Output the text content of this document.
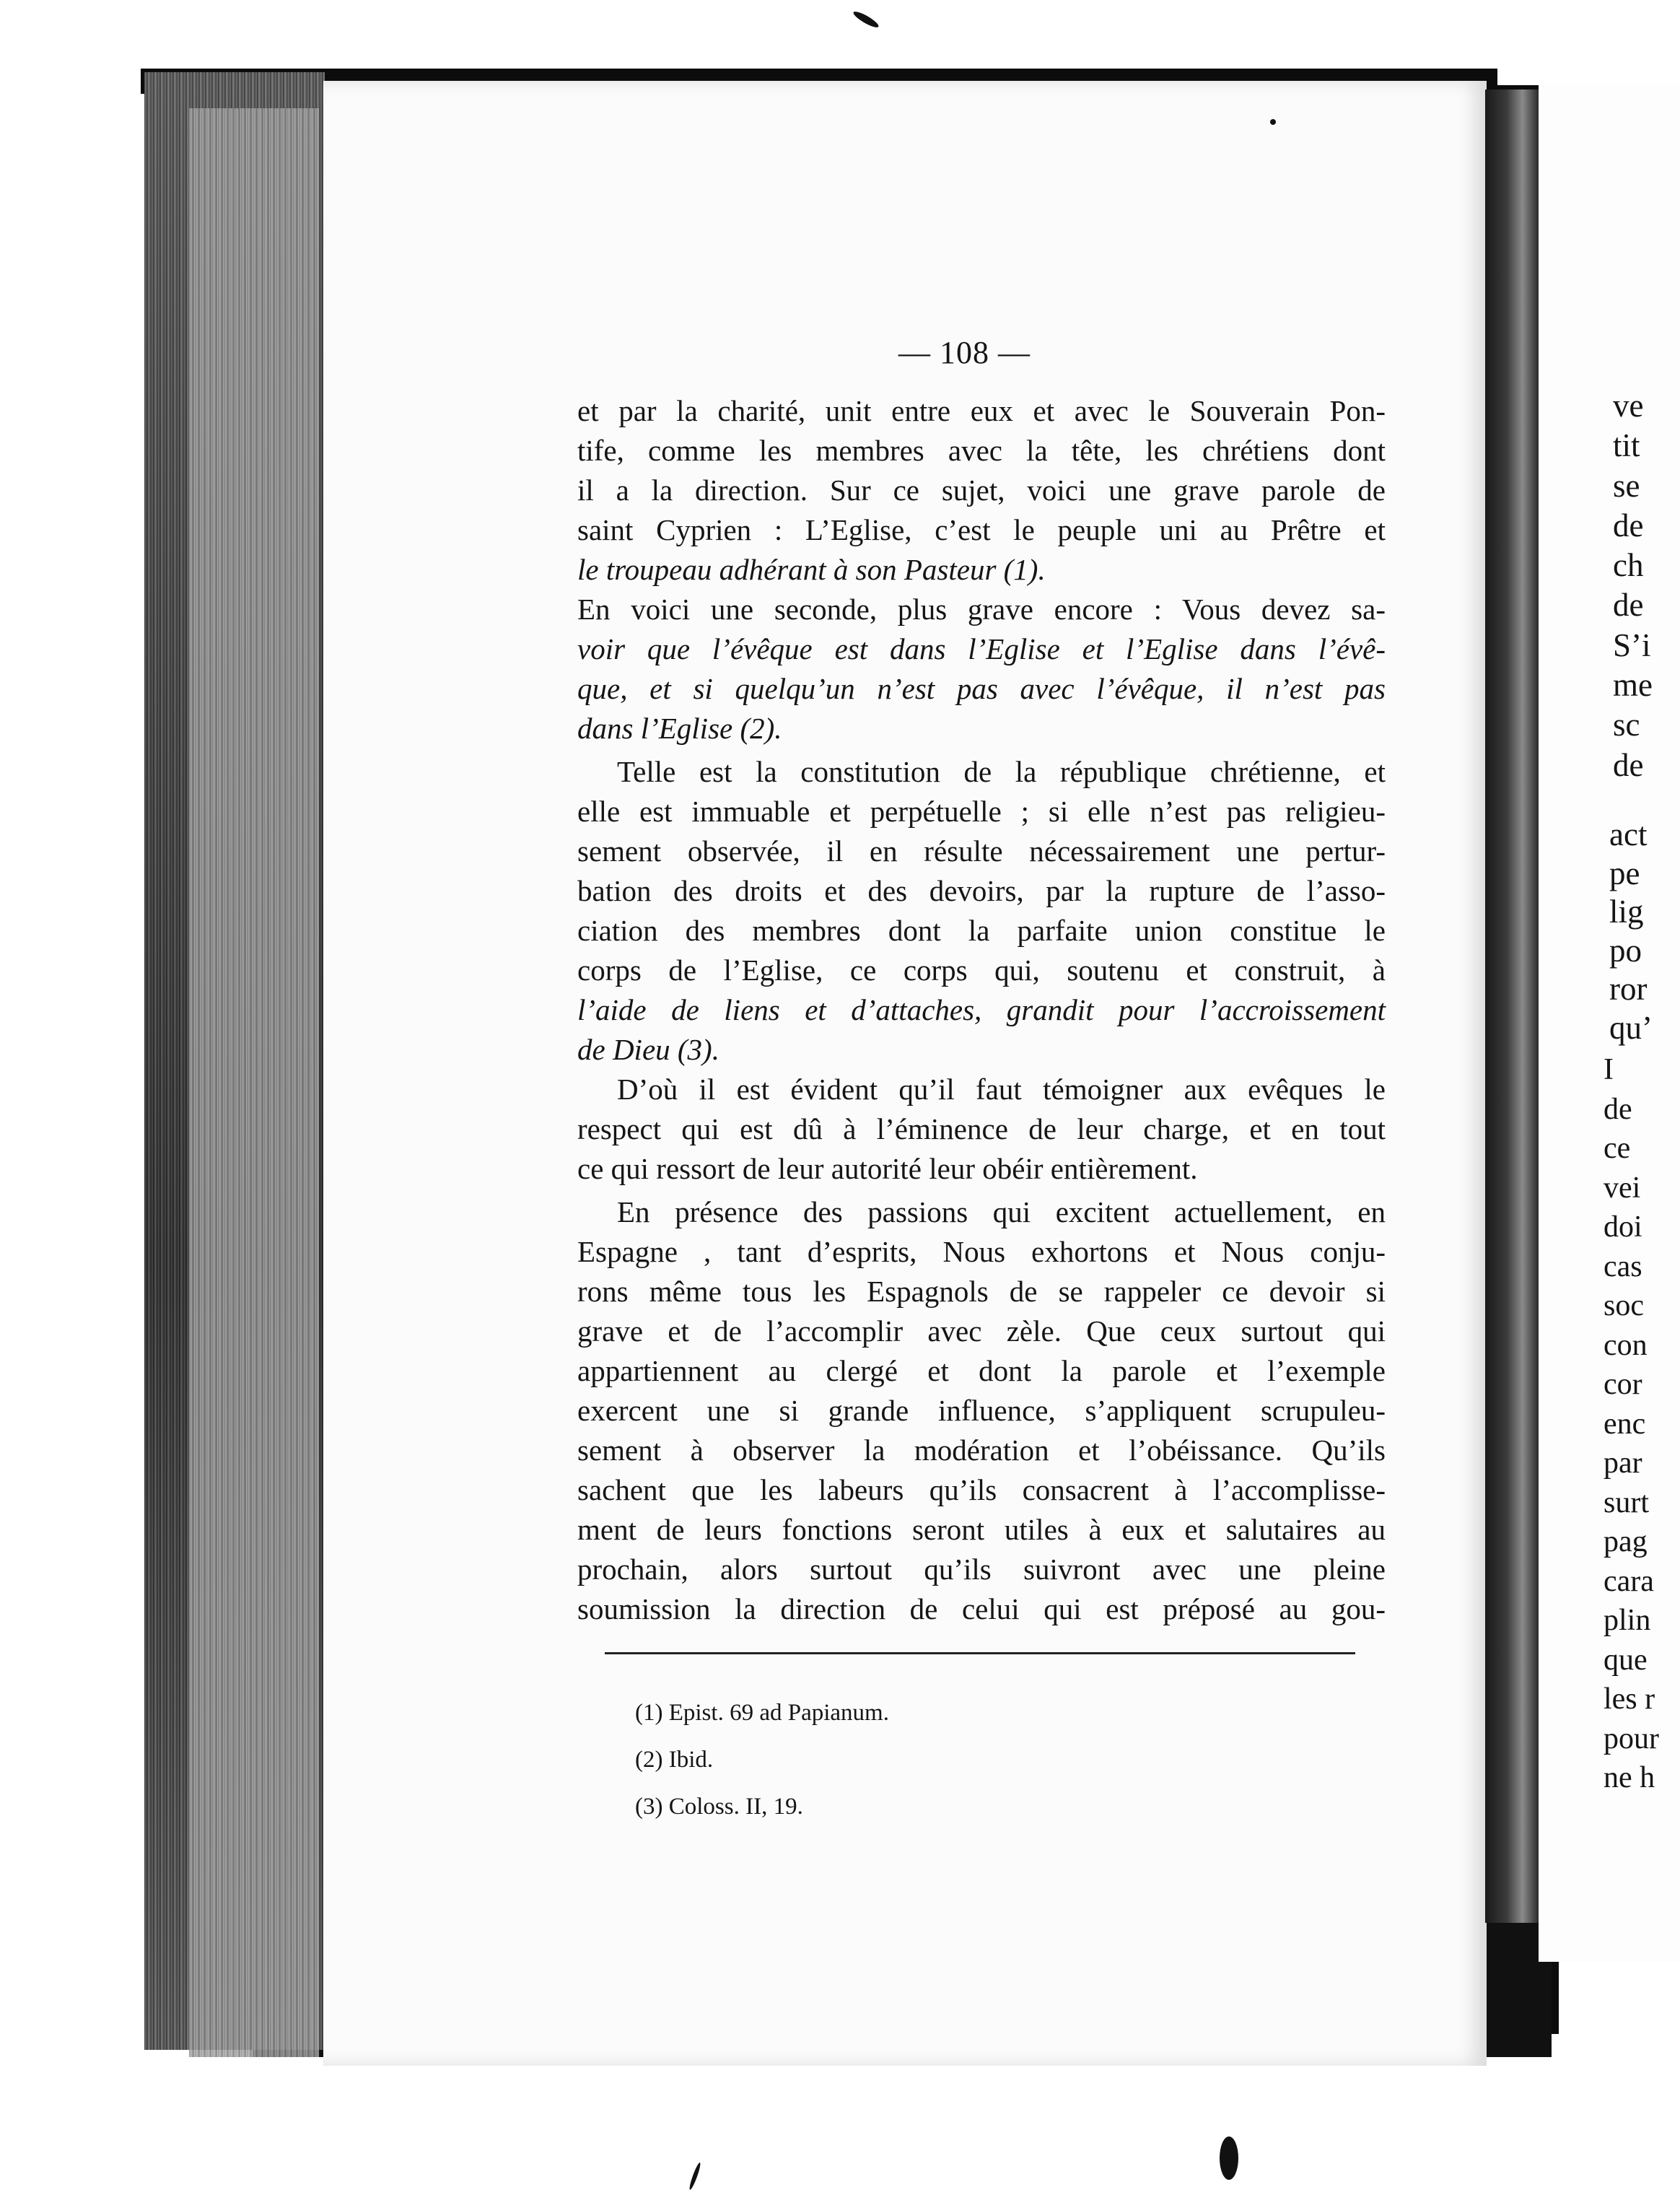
ve
tit
se
de
ch
de
S’i
me
sc
de
act
pe
lig
po
ror
qu’
I
de
ce
vei
doi
cas
soc
con
cor
enc
par
surt
pag
cara
plin
que
les r
pour
ne h
— 108 —
et par la charité, unit entre eux et avec le Souverain Pon-
tife, comme les membres avec la tête, les chrétiens dont
il a la direction. Sur ce sujet, voici une grave parole de
saint Cyprien : L’Eglise, c’est le peuple uni au Prêtre et
le troupeau adhérant à son Pasteur (1).
En voici une seconde, plus grave encore : Vous devez sa-
voir que l’évêque est dans l’Eglise et l’Eglise dans l’évê-
que, et si quelqu’un n’est pas avec l’évêque, il n’est pas
dans l’Eglise (2).
Telle est la constitution de la république chrétienne, et
elle est immuable et perpétuelle ; si elle n’est pas religieu-
sement observée, il en résulte nécessairement une pertur-
bation des droits et des devoirs, par la rupture de l’asso-
ciation des membres dont la parfaite union constitue le
corps de l’Eglise, ce corps qui, soutenu et construit, à
l’aide de liens et d’attaches, grandit pour l’accroissement
de Dieu (3).
D’où il est évident qu’il faut témoigner aux evêques le
respect qui est dû à l’éminence de leur charge, et en tout
ce qui ressort de leur autorité leur obéir entièrement.
En présence des passions qui excitent actuellement, en
Espagne , tant d’esprits, Nous exhortons et Nous conju-
rons même tous les Espagnols de se rappeler ce devoir si
grave et de l’accomplir avec zèle. Que ceux surtout qui
appartiennent au clergé et dont la parole et l’exemple
exercent une si grande influence, s’appliquent scrupuleu-
sement à observer la modération et l’obéissance. Qu’ils
sachent que les labeurs qu’ils consacrent à l’accomplisse-
ment de leurs fonctions seront utiles à eux et salutaires au
prochain, alors surtout qu’ils suivront avec une pleine
soumission la direction de celui qui est préposé au gou-
(1) Epist. 69 ad Papianum.
(2) Ibid.
(3) Coloss. II, 19.
